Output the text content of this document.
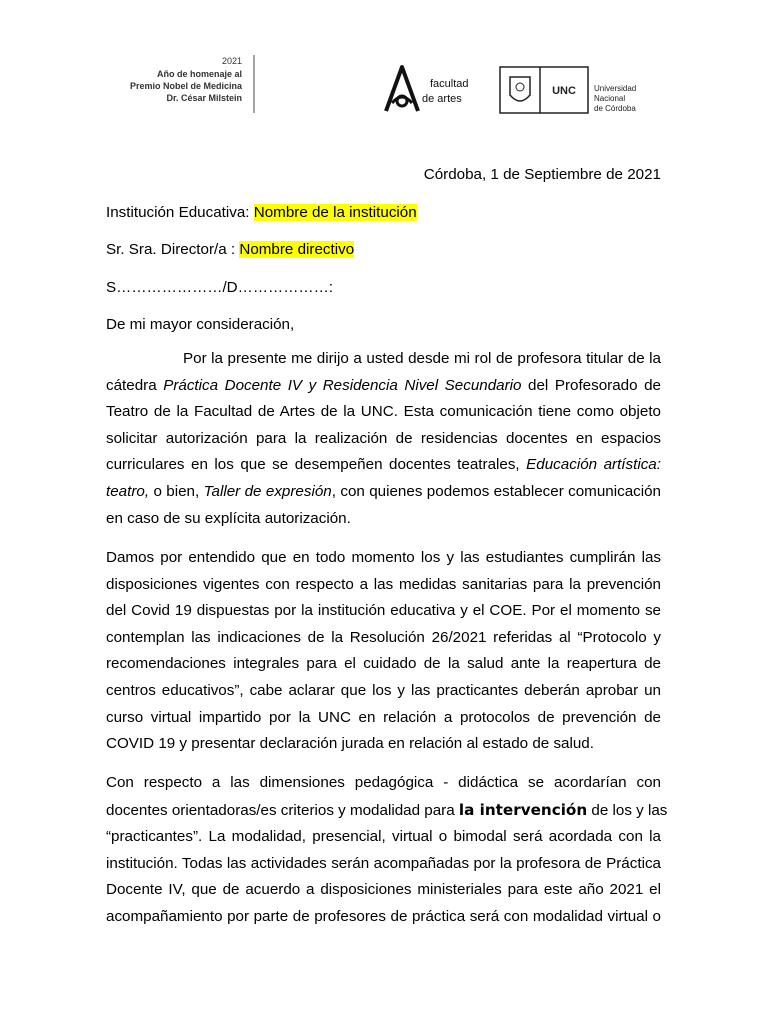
2021
Año de homenaje al
Premio Nobel de Medicina
Dr. César Milstein
facultad
de artes
UNC Universidad
Nacional
de Córdoba
Córdoba, 1 de Septiembre de 2021
Institución Educativa: Nombre de la institución
Sr. Sra. Director/a : Nombre directivo
S…………………/D………………:
De mi mayor consideración,
Por la presente me dirijo a usted desde mi rol de profesora titular de la
cátedra Práctica Docente IV y Residencia Nivel Secundario del Profesorado de
Teatro de la Facultad de Artes de la UNC. Esta comunicación tiene como objeto
solicitar autorización para la realización de residencias docentes en espacios
curriculares en los que se desempeñen docentes teatrales, Educación artística:
teatro, o bien, Taller de expresión, con quienes podemos establecer comunicación
en caso de su explícita autorización.
Damos por entendido que en todo momento los y las estudiantes cumplirán las
disposiciones vigentes con respecto a las medidas sanitarias para la prevención
del Covid 19 dispuestas por la institución educativa y el COE. Por el momento se
contemplan las indicaciones de la Resolución 26/2021 referidas al “Protocolo y
recomendaciones integrales para el cuidado de la salud ante la reapertura de
centros educativos”, cabe aclarar que los y las practicantes deberán aprobar un
curso virtual impartido por la UNC en relación a protocolos de prevención de
COVID 19 y presentar declaración jurada en relación al estado de salud.
Con respecto a las dimensiones pedagógica - didáctica se acordarían con
docentes orientadoras/es criterios y modalidad para la intervención de los y las
“practicantes”. La modalidad, presencial, virtual o bimodal será acordada con la
institución. Todas las actividades serán acompañadas por la profesora de Práctica
Docente IV, que de acuerdo a disposiciones ministeriales para este año 2021 el
acompañamiento por parte de profesores de práctica será con modalidad virtual o
